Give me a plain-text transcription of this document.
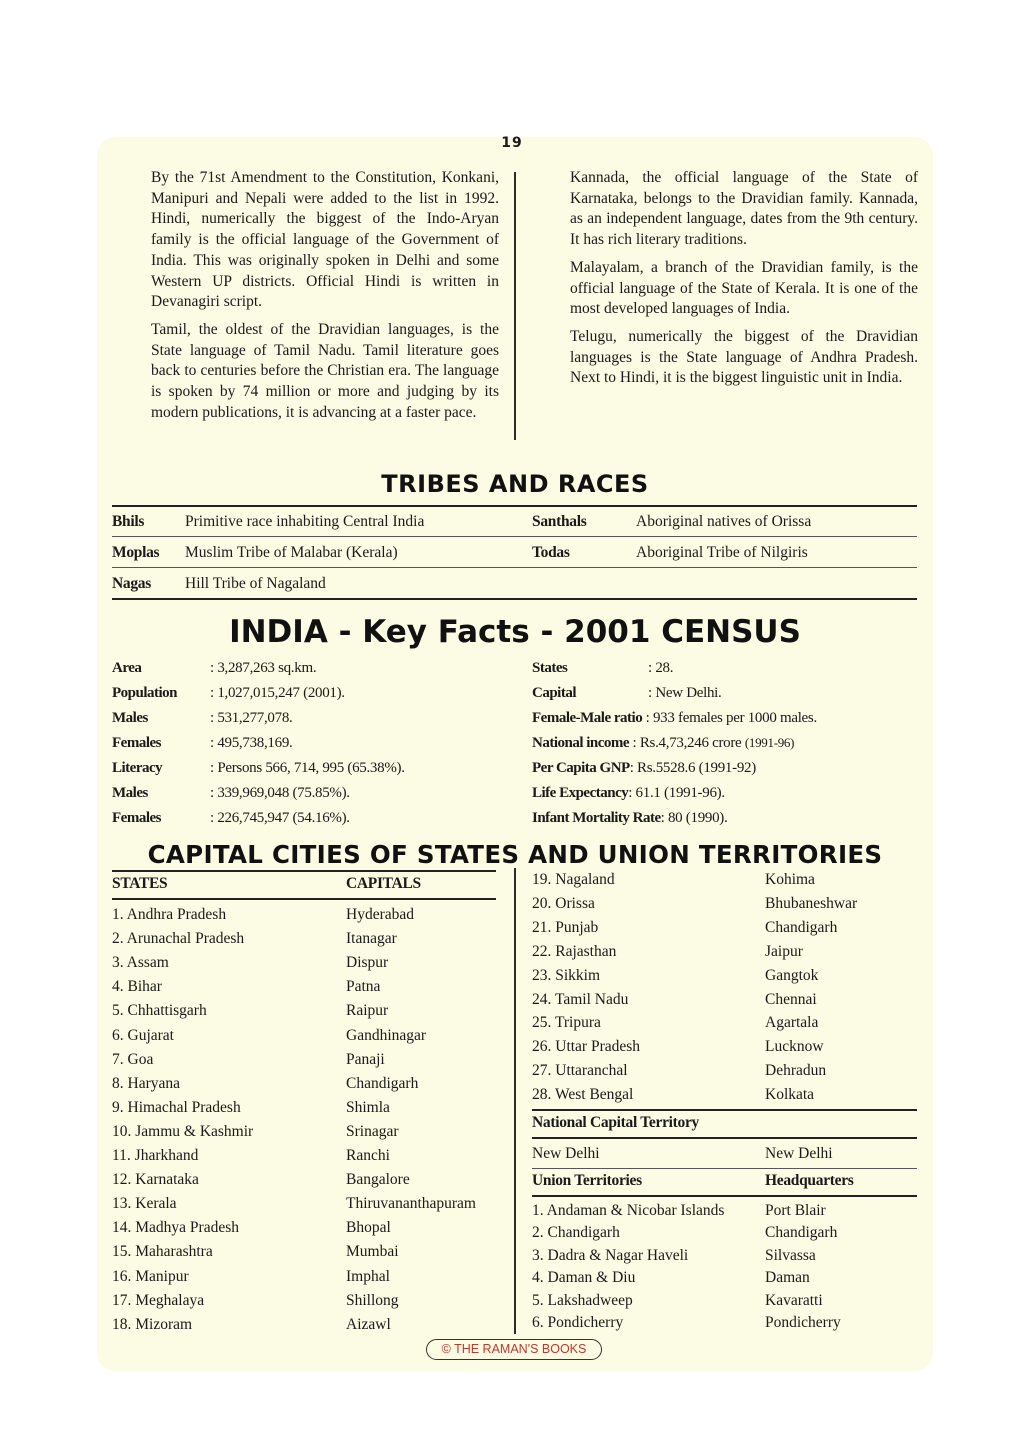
19

By the 71st Amendment to the Constitution, Konkani, Manipuri and Nepali were added to the list in 1992. Hindi, numerically the biggest of the Indo-Aryan family is the official language of the Government of India. This was originally spoken in Delhi and some Western UP districts. Official Hindi is written in Devanagiri script.

Tamil, the oldest of the Dravidian languages, is the State language of Tamil Nadu. Tamil literature goes back to centuries before the Christian era. The language is spoken by 74 million or more and judging by its modern publications, it is advancing at a faster pace.

Kannada, the official language of the State of Karnataka, belongs to the Dravidian family. Kannada, as an independent language, dates from the 9th century. It has rich literary traditions.

Malayalam, a branch of the Dravidian family, is the official language of the State of Kerala. It is one of the most developed languages of India.

Telugu, numerically the biggest of the Dravidian languages is the State language of Andhra Pradesh. Next to Hindi, it is the biggest linguistic unit in India.

TRIBES AND RACES
Bhils	Primitive race inhabiting Central India	Santhals	Aboriginal natives of Orissa
Moplas Muslim Tribe of Malabar (Kerala)	Todas	Aboriginal Tribe of Nilgiris
Nagas Hill Tribe of Nagaland
INDIA - Key Facts - 2001 CENSUS
Area	: 3,287,263 sq.km.
Population : 1,027,015,247 (2001).
Males	: 531,277,078.
Females	: 495,738,169.
Literacy	: Persons 566, 714, 995 (65.38%).
Males	: 339,969,048 (75.85%).
Females	: 226,745,947 (54.16%).
States	: 28.
Capital	: New Delhi.
Female-Male ratio : 933 females per 1000 males.
National income : Rs.4,73,246 crore (1991-96)
Per Capita GNP: Rs.5528.6 (1991-92)
Life Expectancy: 61.1 (1991-96).
Infant Mortality Rate: 80 (1990).
CAPITAL CITIES OF STATES AND UNION TERRITORIES
STATES	CAPITALS
1. Andhra Pradesh	Hyderabad
2. Arunachal Pradesh	Itanagar
3. Assam	Dispur
4. Bihar	Patna
5. Chhattisgarh	Raipur
6. Gujarat	Gandhinagar
7. Goa	Panaji
8. Haryana	Chandigarh
9. Himachal Pradesh	Shimla
10. Jammu & Kashmir	Srinagar
11. Jharkhand	Ranchi
12. Karnataka	Bangalore
13. Kerala	Thiruvananthapuram
14. Madhya Pradesh	Bhopal
15. Maharashtra	Mumbai
16. Manipur	Imphal
17. Meghalaya	Shillong
18. Mizoram	Aizawl
19. Nagaland	Kohima
20. Orissa	Bhubaneshwar
21. Punjab	Chandigarh
22. Rajasthan	Jaipur
23. Sikkim	Gangtok
24. Tamil Nadu	Chennai
25. Tripura	Agartala
26. Uttar Pradesh	Lucknow
27. Uttaranchal	Dehradun
28. West Bengal	Kolkata
National Capital Territory
New Delhi	New Delhi
Union Territories	Headquarters
1. Andaman & Nicobar Islands	Port Blair
2. Chandigarh	Chandigarh
3. Dadra & Nagar Haveli	Silvassa
4. Daman & Diu	Daman
5. Lakshadweep	Kavaratti
6. Pondicherry	Pondicherry
© THE RAMAN'S BOOKS
